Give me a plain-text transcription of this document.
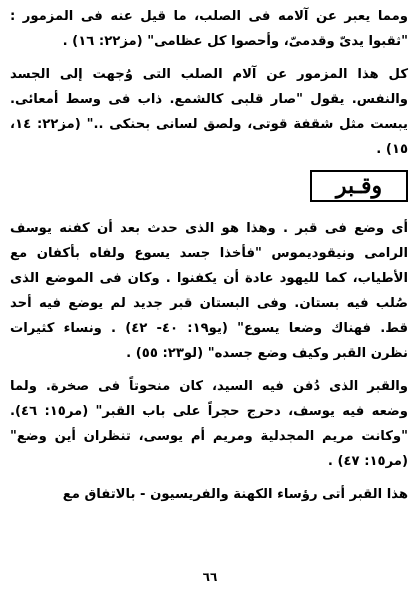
ومما يعبر عن آلامه فى الصلب، ما قيل عنه فى المزمور : "ثقبوا يدىّ وقدمىّ، وأحصوا كل عظامى" (مز٢٢: ١٦) .

كل هذا المزمور عن آلام الصلب التى وُجهت إلى الجسد والنفس. يقول "صار قلبى كالشمع. ذاب فى وسط أمعائى. يبست مثل شقفة قوتى، ولصق لسانى بحنكى .." (مز٢٢: ١٤، ١٥) .

وقـبر

أى وضع فى قبر . وهذا هو الذى حدث بعد أن كفنه يوسف الرامى ونيقوديموس "فأخذا جسد يسوع ولفاه بأكفان مع الأطياب، كما لليهود عادة أن يكفنوا . وكان فى الموضع الذى صُلب فيه بستان. وفى البستان قبر جديد لم يوضع فيه أحد قط. فهناك وضعا يسوع" (يو١٩: ٤٠- ٤٢) . ونساء كثيرات نظرن القبر وكيف وضع جسده" (لو٢٣: ٥٥) .

والقبر الذى دُفن فيه السيد، كان منحوتاً فى صخرة. ولما وضعه فيه يوسف، دحرج حجراً على باب القبر" (مر١٥: ٤٦). "وكانت مريم المجدلية ومريم أم يوسى، تنظران أين وضع" (مر١٥: ٤٧) .

هذا القبر أتى رؤساء الكهنة والفريسيون - بالاتفاق مع

٦٦
